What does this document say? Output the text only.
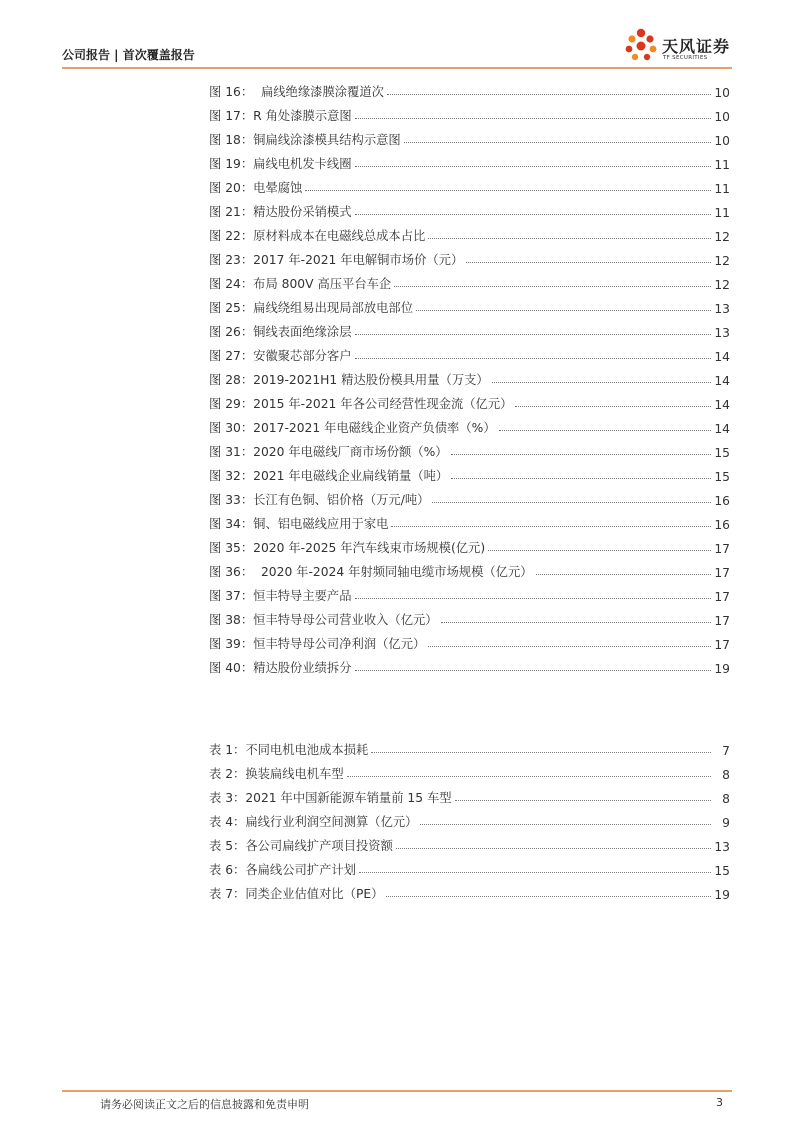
公司报告 | 首次覆盖报告	天风证券
TF SECURITIES
图 16：  扁线绝缘漆膜涂覆道次	10
图 17：R 角处漆膜示意图	10
图 18：铜扁线涂漆模具结构示意图	10
图 19：扁线电机发卡线圈	11
图 20：电晕腐蚀	11
图 21：精达股份采销模式	11
图 22：原材料成本在电磁线总成本占比	12
图 23：2017 年-2021 年电解铜市场价（元）	12
图 24：布局 800V 高压平台车企	12
图 25：扁线绕组易出现局部放电部位	13
图 26：铜线表面绝缘涂层	13
图 27：安徽聚芯部分客户	14
图 28：2019-2021H1 精达股份模具用量（万支）	14
图 29：2015 年-2021 年各公司经营性现金流（亿元）	14
图 30：2017-2021 年电磁线企业资产负债率（%）	14
图 31：2020 年电磁线厂商市场份额（%）	15
图 32：2021 年电磁线企业扁线销量（吨）	15
图 33：长江有色铜、铝价格（万元/吨）	16
图 34：铜、铝电磁线应用于家电	16
图 35：2020 年-2025 年汽车线束市场规模(亿元)	17
图 36：  2020 年-2024 年射频同轴电缆市场规模（亿元）	17
图 37：恒丰特导主要产品	17
图 38：恒丰特导母公司营业收入（亿元）	17
图 39：恒丰特导母公司净利润（亿元）	17
图 40：精达股份业绩拆分	19
表 1：不同电机电池成本损耗	7
表 2：换装扁线电机车型	8
表 3：2021 年中国新能源车销量前 15 车型	8
表 4：扁线行业利润空间测算（亿元）	9
表 5：各公司扁线扩产项目投资额	13
表 6：各扁线公司扩产计划	15
表 7：同类企业估值对比（PE）	19
请务必阅读正文之后的信息披露和免责申明	3
